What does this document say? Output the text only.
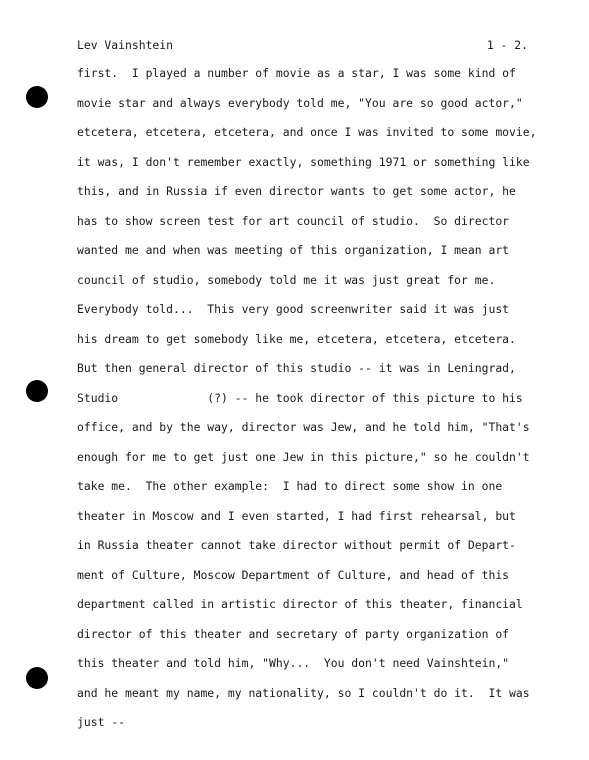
Lev Vainshtein	1 - 2.
first.  I played a number of movie as a star, I was some kind of
movie star and always everybody told me, "You are so good actor,"
etcetera, etcetera, etcetera, and once I was invited to some movie,
it was, I don't remember exactly, something 1971 or something like
this, and in Russia if even director wants to get some actor, he
has to show screen test for art council of studio.  So director
wanted me and when was meeting of this organization, I mean art
council of studio, somebody told me it was just great for me.
Everybody told...  This very good screenwriter said it was just
his dream to get somebody like me, etcetera, etcetera, etcetera.
But then general director of this studio -- it was in Leningrad,
Studio             (?) -- he took director of this picture to his
office, and by the way, director was Jew, and he told him, "That's
enough for me to get just one Jew in this picture," so he couldn't
take me.  The other example:  I had to direct some show in one
theater in Moscow and I even started, I had first rehearsal, but
in Russia theater cannot take director without permit of Depart-
ment of Culture, Moscow Department of Culture, and head of this
department called in artistic director of this theater, financial
director of this theater and secretary of party organization of
this theater and told him, "Why...  You don't need Vainshtein,"
and he meant my name, my nationality, so I couldn't do it.  It was
just --
